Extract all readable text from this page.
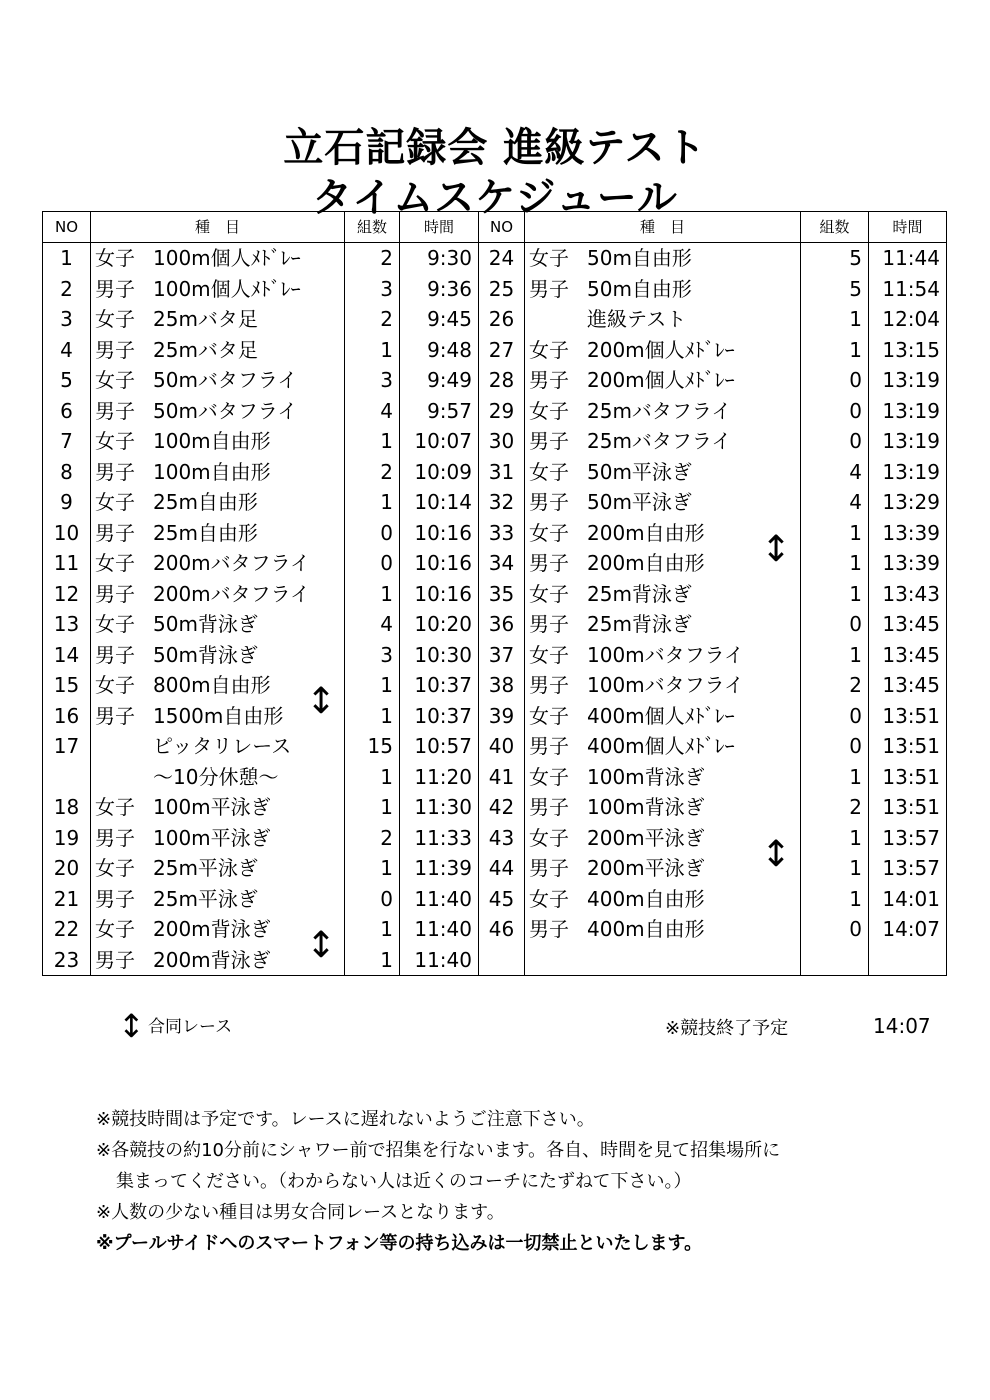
立石記録会 進級テスト
タイムスケジュール
NO	種　目	組数	時間	NO	種　目	組数	時間
1	女子 100m個人ﾒﾄﾞﾚｰ	2	9:30	24	女子 50m自由形	5	11:44
2	男子 100m個人ﾒﾄﾞﾚｰ	3	9:36	25	男子 50m自由形	5	11:54
3	女子 25mバタ足	2	9:45	26	進級テスト	1	12:04
4	男子 25mバタ足	1	9:48	27	女子 200m個人ﾒﾄﾞﾚｰ	1	13:15
5	女子 50mバタフライ	3	9:49	28	男子 200m個人ﾒﾄﾞﾚｰ	0	13:19
6	男子 50mバタフライ	4	9:57	29	女子 25mバタフライ	0	13:19
7	女子 100m自由形	1	10:07	30	男子 25mバタフライ	0	13:19
8	男子 100m自由形	2	10:09	31	女子 50m平泳ぎ	4	13:19
9	女子 25m自由形	1	10:14	32	男子 50m平泳ぎ	4	13:29
10	男子 25m自由形	0	10:16	33	女子 200m自由形 ↕	1	13:39
11	女子 200mバタフライ	0	10:16	34	男子 200m自由形	1	13:39
12	男子 200mバタフライ	1	10:16	35	女子 25m背泳ぎ	1	13:43
13	女子 50m背泳ぎ	4	10:20	36	男子 25m背泳ぎ	0	13:45
14	男子 50m背泳ぎ	3	10:30	37	女子 100mバタフライ	1	13:45
15	女子 800m自由形 ↕	1	10:37	38	男子 100mバタフライ	2	13:45
16	男子 1500m自由形	1	10:37	39	女子 400m個人ﾒﾄﾞﾚｰ	0	13:51
17	ピッタリレース	15	10:57	40	男子 400m個人ﾒﾄﾞﾚｰ	0	13:51
	～10分休憩～	1	11:20	41	女子 100m背泳ぎ	1	13:51
18	女子 100m平泳ぎ	1	11:30	42	男子 100m背泳ぎ	2	13:51
19	男子 100m平泳ぎ	2	11:33	43	女子 200m平泳ぎ ↕	1	13:57
20	女子 25m平泳ぎ	1	11:39	44	男子 200m平泳ぎ	1	13:57
21	男子 25m平泳ぎ	0	11:40	45	女子 400m自由形	1	14:01
22	女子 200m背泳ぎ ↕	1	11:40	46	男子 400m自由形	0	14:07
23	男子 200m背泳ぎ	1	11:40				
↕ 合同レース	※競技終了予定	14:07
※競技時間は予定です。レースに遅れないようご注意下さい。
※各競技の約10分前にシャワー前で招集を行ないます。各自、時間を見て招集場所に
集まってください。（わからない人は近くのコーチにたずねて下さい。）
※人数の少ない種目は男女合同レースとなります。
※プールサイドへのスマートフォン等の持ち込みは一切禁止といたします。
